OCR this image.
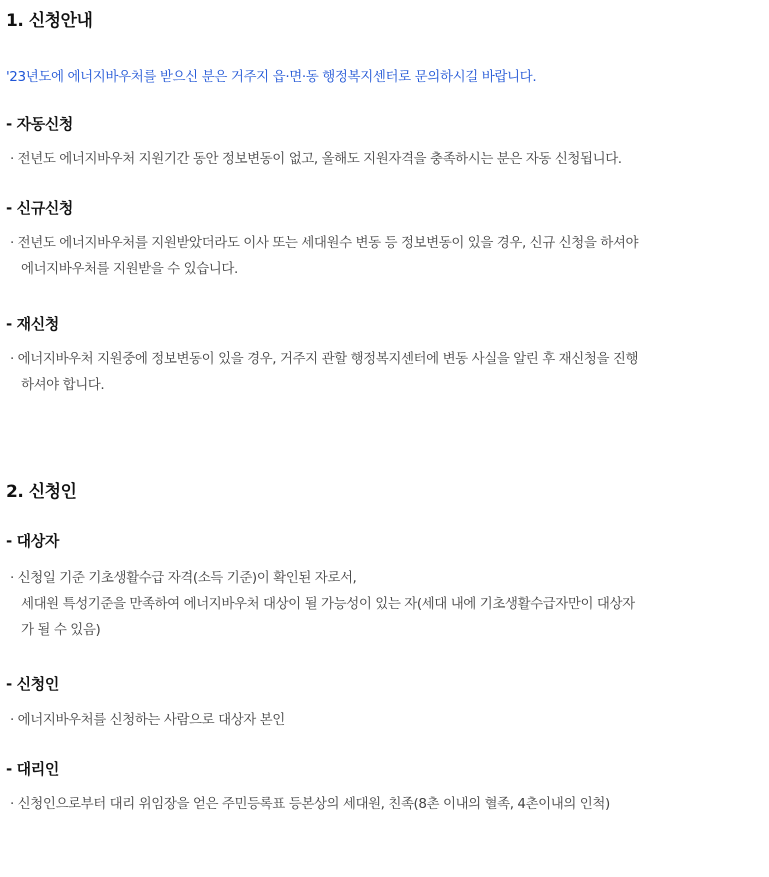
1. 신청안내
'23년도에 에너지바우처를 받으신 분은 거주지 읍·면·동 행정복지센터로 문의하시길 바랍니다.
- 자동신청
· 전년도 에너지바우처 지원기간 동안 정보변동이 없고, 올해도 지원자격을 충족하시는 분은 자동 신청됩니다.
- 신규신청
· 전년도 에너지바우처를 지원받았더라도 이사 또는 세대원수 변동 등 정보변동이 있을 경우, 신규 신청을 하셔야
에너지바우처를 지원받을 수 있습니다.
- 재신청
· 에너지바우처 지원중에 정보변동이 있을 경우, 거주지 관할 행정복지센터에 변동 사실을 알린 후 재신청을 진행
하셔야 합니다.
2. 신청인
- 대상자
· 신청일 기준 기초생활수급 자격(소득 기준)이 확인된 자로서,
세대원 특성기준을 만족하여 에너지바우처 대상이 될 가능성이 있는 자(세대 내에 기초생활수급자만이 대상자
가 될 수 있음)
- 신청인
· 에너지바우처를 신청하는 사람으로 대상자 본인
- 대리인
· 신청인으로부터 대리 위임장을 얻은 주민등록표 등본상의 세대원, 친족(8촌 이내의 혈족, 4촌이내의 인척)
